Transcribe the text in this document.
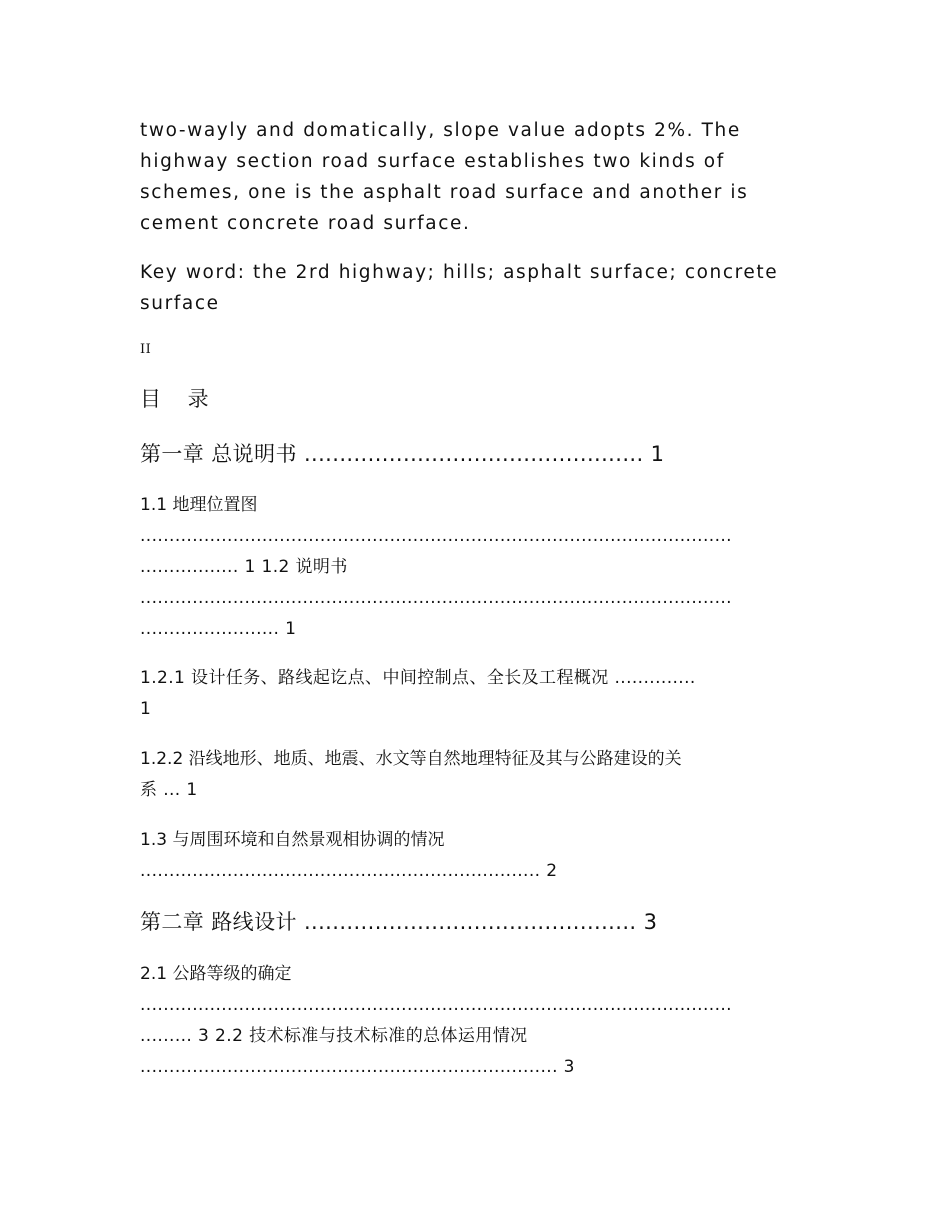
two-wayly and domatically, slope value adopts 2%. The
highway section road surface establishes two kinds of
schemes, one is the asphalt road surface and another is
cement concrete road surface.
Key word: the 2rd highway; hills; asphalt surface; concrete
surface
II
目 录
第一章 总说明书 ................................................ 1
1.1 地理位置图
......................................................................................................
................. 1 1.2 说明书
......................................................................................................
........................ 1
1.2.1 设计任务、路线起讫点、中间控制点、全长及工程概况 ..............
1
1.2.2 沿线地形、地质、地震、水文等自然地理特征及其与公路建设的关
系 ... 1
1.3 与周围环境和自然景观相协调的情况
..................................................................... 2
第二章 路线设计 ............................................... 3
2.1 公路等级的确定
......................................................................................................
......... 3 2.2 技术标准与技术标准的总体运用情况
........................................................................ 3
